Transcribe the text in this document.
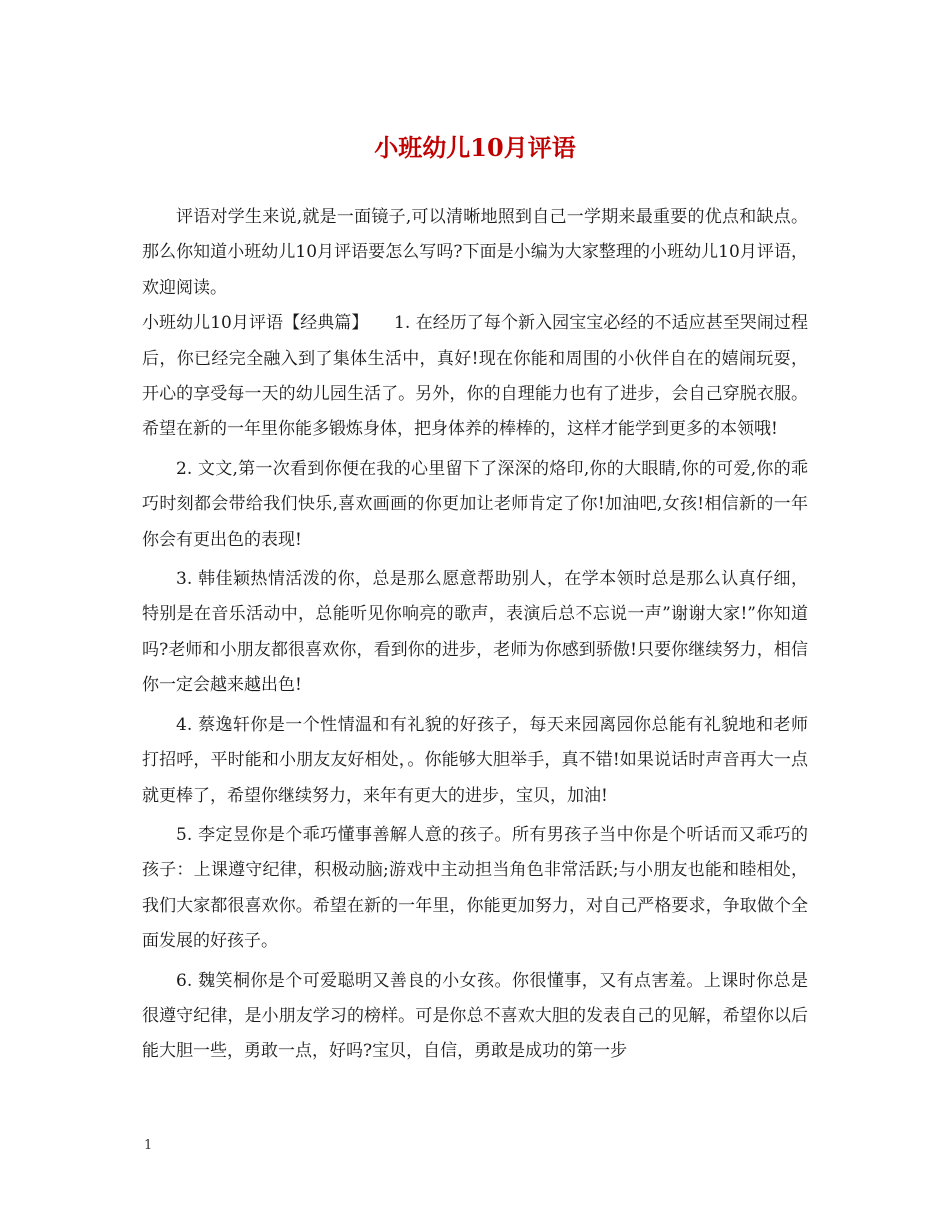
小班幼儿10月评语

评语对学生来说,就是一面镜子,可以清晰地照到自己一学期来最重要的优点和缺点。那么你知道小班幼儿10月评语要怎么写吗?下面是小编为大家整理的小班幼儿10月评语，欢迎阅读。

小班幼儿10月评语【经典篇】　　1. 在经历了每个新入园宝宝必经的不适应甚至哭闹过程后，你已经完全融入到了集体生活中，真好!现在你能和周围的小伙伴自在的嬉闹玩耍，开心的享受每一天的幼儿园生活了。另外，你的自理能力也有了进步，会自己穿脱衣服。希望在新的一年里你能多锻炼身体，把身体养的棒棒的，这样才能学到更多的本领哦!

2. 文文,第一次看到你便在我的心里留下了深深的烙印,你的大眼睛,你的可爱,你的乖巧时刻都会带给我们快乐,喜欢画画的你更加让老师肯定了你!加油吧,女孩!相信新的一年你会有更出色的表现!

3. 韩佳颖热情活泼的你，总是那么愿意帮助别人，在学本领时总是那么认真仔细，特别是在音乐活动中，总能听见你响亮的歌声，表演后总不忘说一声”谢谢大家!”你知道吗?老师和小朋友都很喜欢你，看到你的进步，老师为你感到骄傲!只要你继续努力，相信你一定会越来越出色!

4. 蔡逸轩你是一个性情温和有礼貌的好孩子，每天来园离园你总能有礼貌地和老师打招呼，平时能和小朋友友好相处，。你能够大胆举手，真不错!如果说话时声音再大一点就更棒了，希望你继续努力，来年有更大的进步，宝贝，加油!

5. 李定昱你是个乖巧懂事善解人意的孩子。所有男孩子当中你是个听话而又乖巧的孩子：上课遵守纪律，积极动脑;游戏中主动担当角色非常活跃;与小朋友也能和睦相处，我们大家都很喜欢你。希望在新的一年里，你能更加努力，对自己严格要求，争取做个全面发展的好孩子。

6. 魏笑桐你是个可爱聪明又善良的小女孩。你很懂事，又有点害羞。上课时你总是很遵守纪律，是小朋友学习的榜样。可是你总不喜欢大胆的发表自己的见解，希望你以后能大胆一些，勇敢一点，好吗?宝贝，自信，勇敢是成功的第一步

1
